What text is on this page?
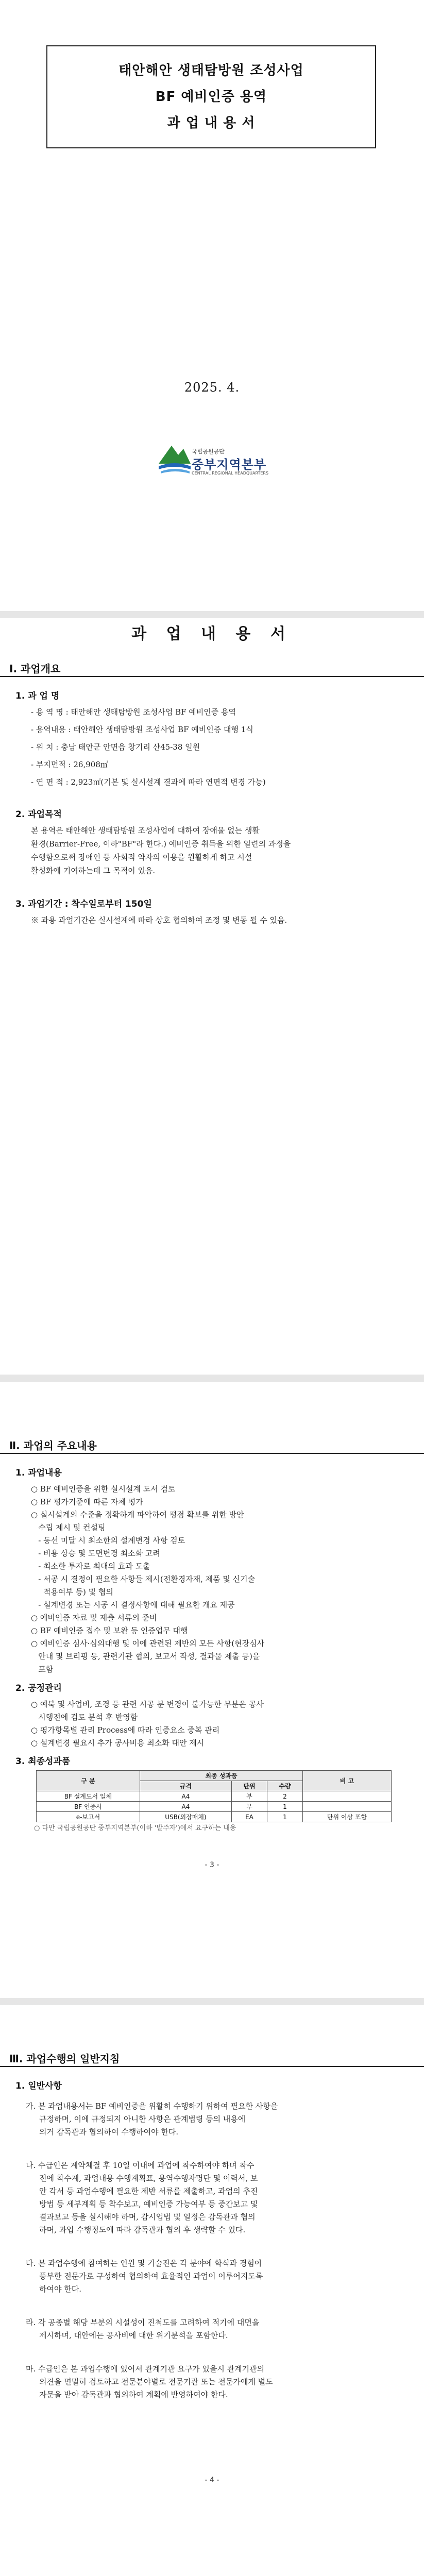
태안해안 생태탐방원 조성사업
BF 예비인증 용역
과 업 내 용 서
2025. 4.
국립공원공단
중부지역본부
CENTRAL REGIONAL HEADQUARTERS
과 업 내 용 서
Ⅰ. 과업개요
1. 과 업 명
- 용 역 명 : 태안해안 생태탐방원 조성사업 BF 예비인증 용역
- 용역내용 : 태안해안 생태탐방원 조성사업 BF 예비인증 대행 1식
- 위 치 : 충남 태안군 안면읍 창기리 산45-38 일원
- 부지면적 : 26,908㎡
- 연 면 적 : 2,923㎡(기본 및 실시설계 결과에 따라 연면적 변경 가능)
2. 과업목적
본 용역은 태안해안 생태탐방원 조성사업에 대하여 장애물 없는 생활
환경(Barrier-Free, 이하"BF"라 한다.) 예비인증 취득을 위한 일련의 과정을
수행함으로써 장애인 등 사회적 약자의 이용을 원활하게 하고 시설
활성화에 기여하는데 그 목적이 있음.
3. 과업기간 : 착수일로부터 150일
※ 과용 과업기간은 실시설계에 따라 상호 협의하여 조정 및 변동 될 수 있음.
Ⅱ. 과업의 주요내용
1. 과업내용
○ BF 예비인증을 위한 실시설계 도서 검토
○ BF 평가기준에 따른 자체 평가
○ 실시설계의 수준을 정확하게 파악하여 평점 확보를 위한 방안
수립 제시 및 컨설팅
- 동선 미달 시 최소한의 설계변경 사항 검토
- 비용 상승 및 도면변경 최소화 고려
- 최소한 투자로 최대의 효과 도출
- 서공 시 결정이 필요한 사항들 제시(전환경자재, 제품 및 신기술
적용여부 등) 및 협의
- 설계변경 또는 시공 시 결정사항에 대해 필요한 개요 제공
○ 예비인증 자료 및 제출 서류의 준비
○ BF 예비인증 접수 및 보완 등 인증업무 대행
○ 예비인증 심사·심의대행 및 이에 관련된 제반의 모든 사항(현장심사
안내 및 브리핑 등, 관련기관 협의, 보고서 작성, 결과물 제출 등)을
포함
2. 공정관리
○ 예북 및 사업비, 조경 등 관련 시공 분 변경이 불가능한 부분은 공사
시행전에 검토 분석 후 반영함
○ 평가항목별 관리 Process에 따라 인증요소 중복 관리
○ 설계변경 필요시 추가 공사비용 최소화 대안 제시
3. 최종성과품
구 분	최종 성과품			비 고
	규격	단위	수량	
BF 설계도서 일체	A4	부	2	
BF 인증서	A4	부	1	
e-보고서	USB(외장매체)	EA	1	단위 이상 포함
○ 다만 국립공원공단 중부지역본부(이하 '발주자')에서 요구하는 내용
- 3 -
Ⅲ. 과업수행의 일반지침
1. 일반사항
가. 본 과업내용서는 BF 예비인증을 위활히 수행하기 위하여 필요한 사항을
규정하며, 이에 규정되지 아니한 사항은 관계법령 등의 내용에
의거 감독관과 협의하여 수행하여야 한다.
나. 수급인은 계약체결 후 10일 이내에 과업에 착수하여야 하며 착수
전에 착수계, 과업내용 수행계획표, 용역수행자명단 및 이력서, 보
안 각서 등 과업수행에 필요한 제반 서류를 제출하고, 과업의 추진
방법 등 세부계획 등 착수보고, 예비인증 가능여부 등 중간보고 및
결과보고 등을 실시해야 하며, 감시업법 및 일정은 감독관과 협의
하며, 과업 수행정도에 따라 감독관과 협의 후 생략할 수 있다.
다. 본 과업수행에 참여하는 인원 및 기술진은 각 분야에 학식과 경험이
풍부한 전문가로 구성하여 협의하여 효율적인 과업이 이루어지도록
하여야 한다.
라. 각 공종별 해당 부분의 시설성이 진척도를 고려하여 적기에 대면을
제시하며, 대안에는 공사비에 대한 위기분석을 포함한다.
마. 수급인은 본 과업수행에 있어서 관계기관 요구가 있을시 관계기관의
의견을 면밀히 검토하고 전문분야별로 전문기관 또는 전문가에게 별도
자문을 받아 감독관과 협의하여 계획에 반영하여야 한다.
- 4 -
